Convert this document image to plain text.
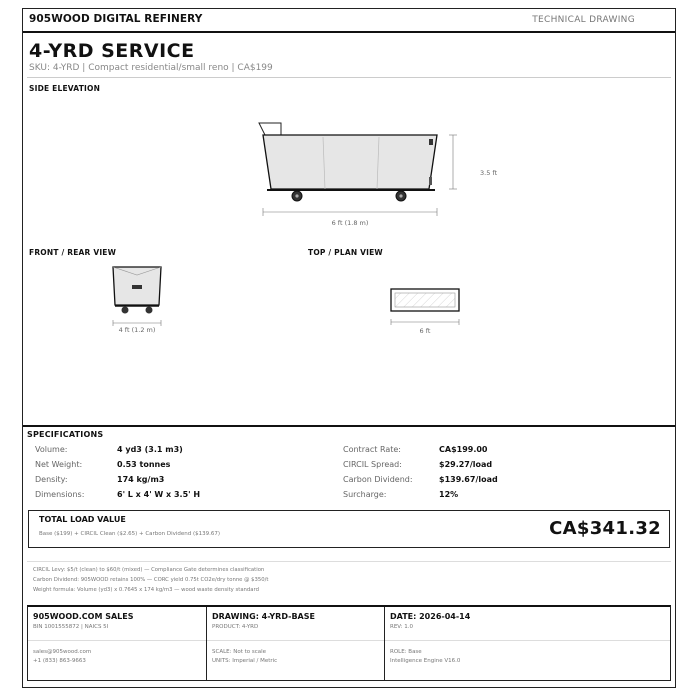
905WOOD DIGITAL REFINERY	TECHNICAL DRAWING
4-YRD SERVICE
SKU: 4-YRD | Compact residential/small reno | CA$199
SIDE ELEVATION
3.5 ft
6 ft (1.8 m)
FRONT / REAR VIEW	TOP / PLAN VIEW
4 ft (1.2 m)	6 ft
SPECIFICATIONS
Volume:	4 yd3 (3.1 m3)
Net Weight:	0.53 tonnes
Density:	174 kg/m3
Dimensions:	6' L x 4' W x 3.5' H
Contract Rate:	CA$199.00
CIRCIL Spread:	$29.27/load
Carbon Dividend:	$139.67/load
Surcharge:	12%
TOTAL LOAD VALUE
Base ($199) + CIRCIL Clean ($2.65) + Carbon Dividend ($139.67)	CA$341.32
CIRCIL Levy: $5/t (clean) to $60/t (mixed) — Compliance Gate determines classification
Carbon Dividend: 905WOOD retains 100% — CORC yield 0.75t CO2e/dry tonne @ $350/t
Weight formula: Volume (yd3) x 0.7645 x 174 kg/m3 — wood waste density standard
905WOOD.COM SALES
BIN 1001555872 | NAICS 5I
sales@905wood.com
+1 (833) 863-9663
DRAWING: 4-YRD-BASE
PRODUCT: 4-YRD
SCALE: Not to scale
UNITS: Imperial / Metric
DATE: 2026-04-14
REV: 1.0
ROLE: Base
Intelligence Engine V16.0
